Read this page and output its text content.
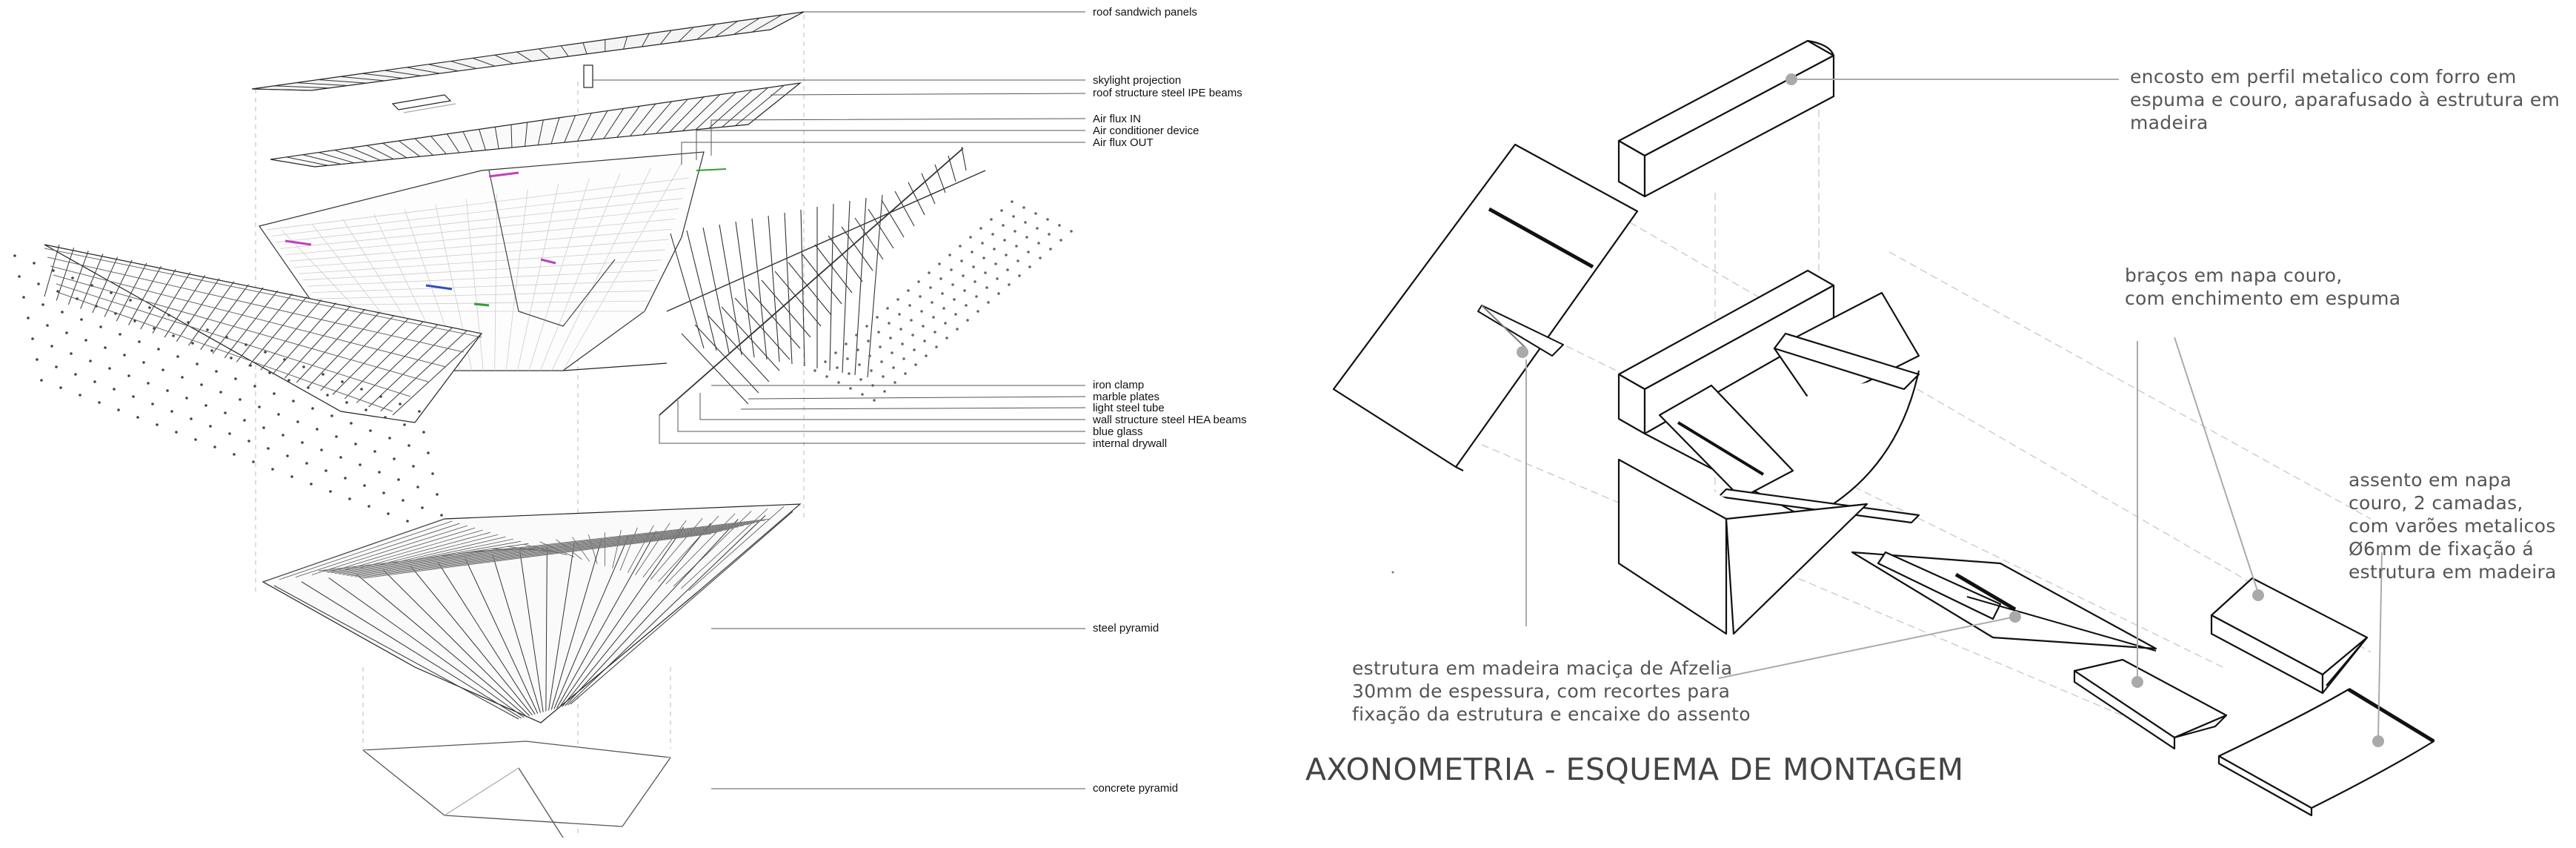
roof sandwich panels
skylight projection
roof structure steel IPE beams
Air flux IN
Air conditioner device
Air flux OUT
iron clamp
marble plates
light steel tube
wall structure steel HEA beams
blue glass
internal drywall
steel pyramid
concrete pyramid
encosto em perfil metalico com forro em
espuma e couro, aparafusado à estrutura em
madeira
braços em napa couro,
com enchimento em espuma
assento em napa
couro, 2 camadas,
com varões metalicos
Ø6mm de fixação á
estrutura em madeira
estrutura em madeira maciça de Afzelia
30mm de espessura, com recortes para
fixação da estrutura e encaixe do assento
AXONOMETRIA - ESQUEMA DE MONTAGEM
